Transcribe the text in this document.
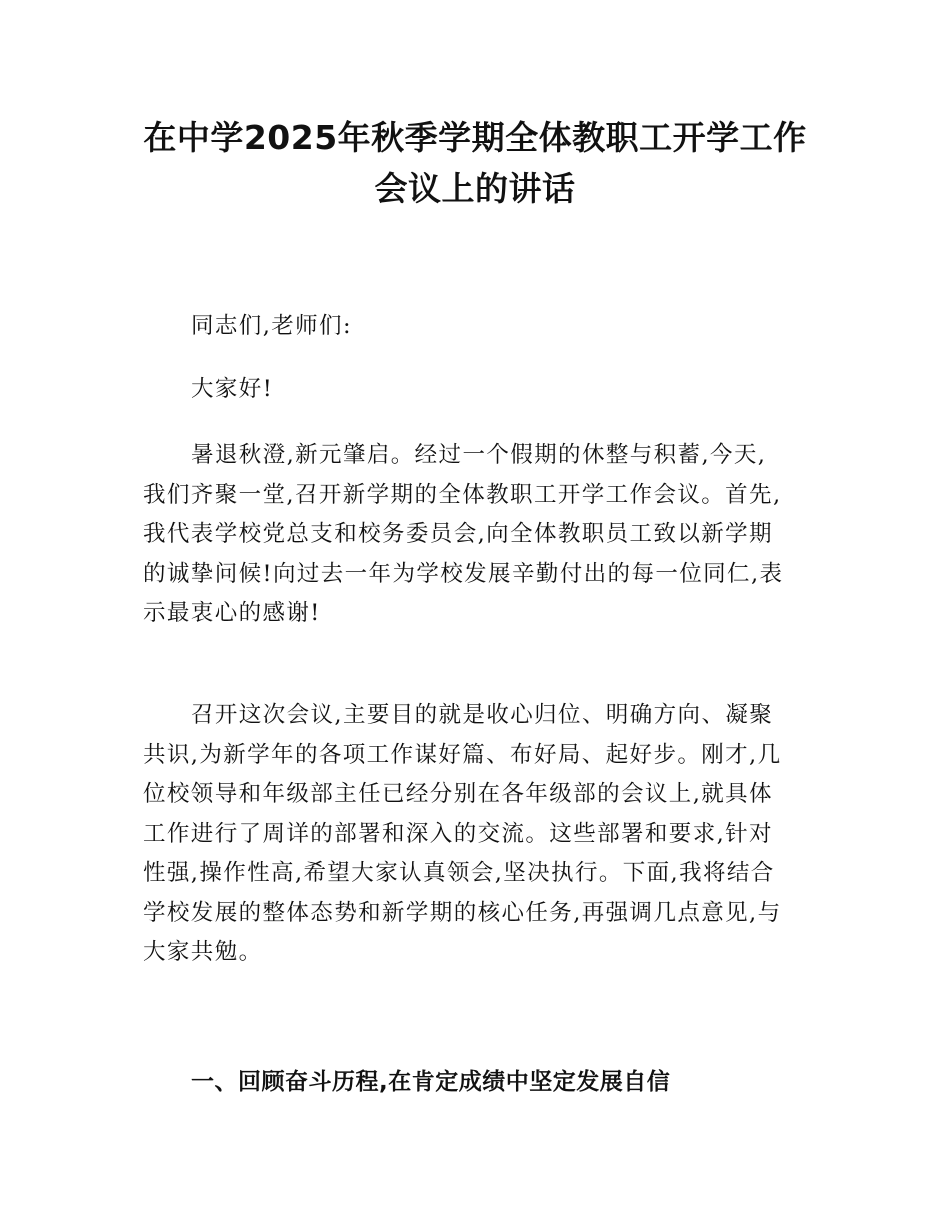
在中学2025年秋季学期全体教职工开学工作
会议上的讲话

同志们,老师们:

大家好!

暑退秋澄,新元肇启。经过一个假期的休整与积蓄,今天,
我们齐聚一堂,召开新学期的全体教职工开学工作会议。首先,
我代表学校党总支和校务委员会,向全体教职员工致以新学期
的诚挚问候!向过去一年为学校发展辛勤付出的每一位同仁,表
示最衷心的感谢!

召开这次会议,主要目的就是收心归位、明确方向、凝聚
共识,为新学年的各项工作谋好篇、布好局、起好步。刚才,几
位校领导和年级部主任已经分别在各年级部的会议上,就具体
工作进行了周详的部署和深入的交流。这些部署和要求,针对
性强,操作性高,希望大家认真领会,坚决执行。下面,我将结合
学校发展的整体态势和新学期的核心任务,再强调几点意见,与
大家共勉。

一、回顾奋斗历程,在肯定成绩中坚定发展自信
